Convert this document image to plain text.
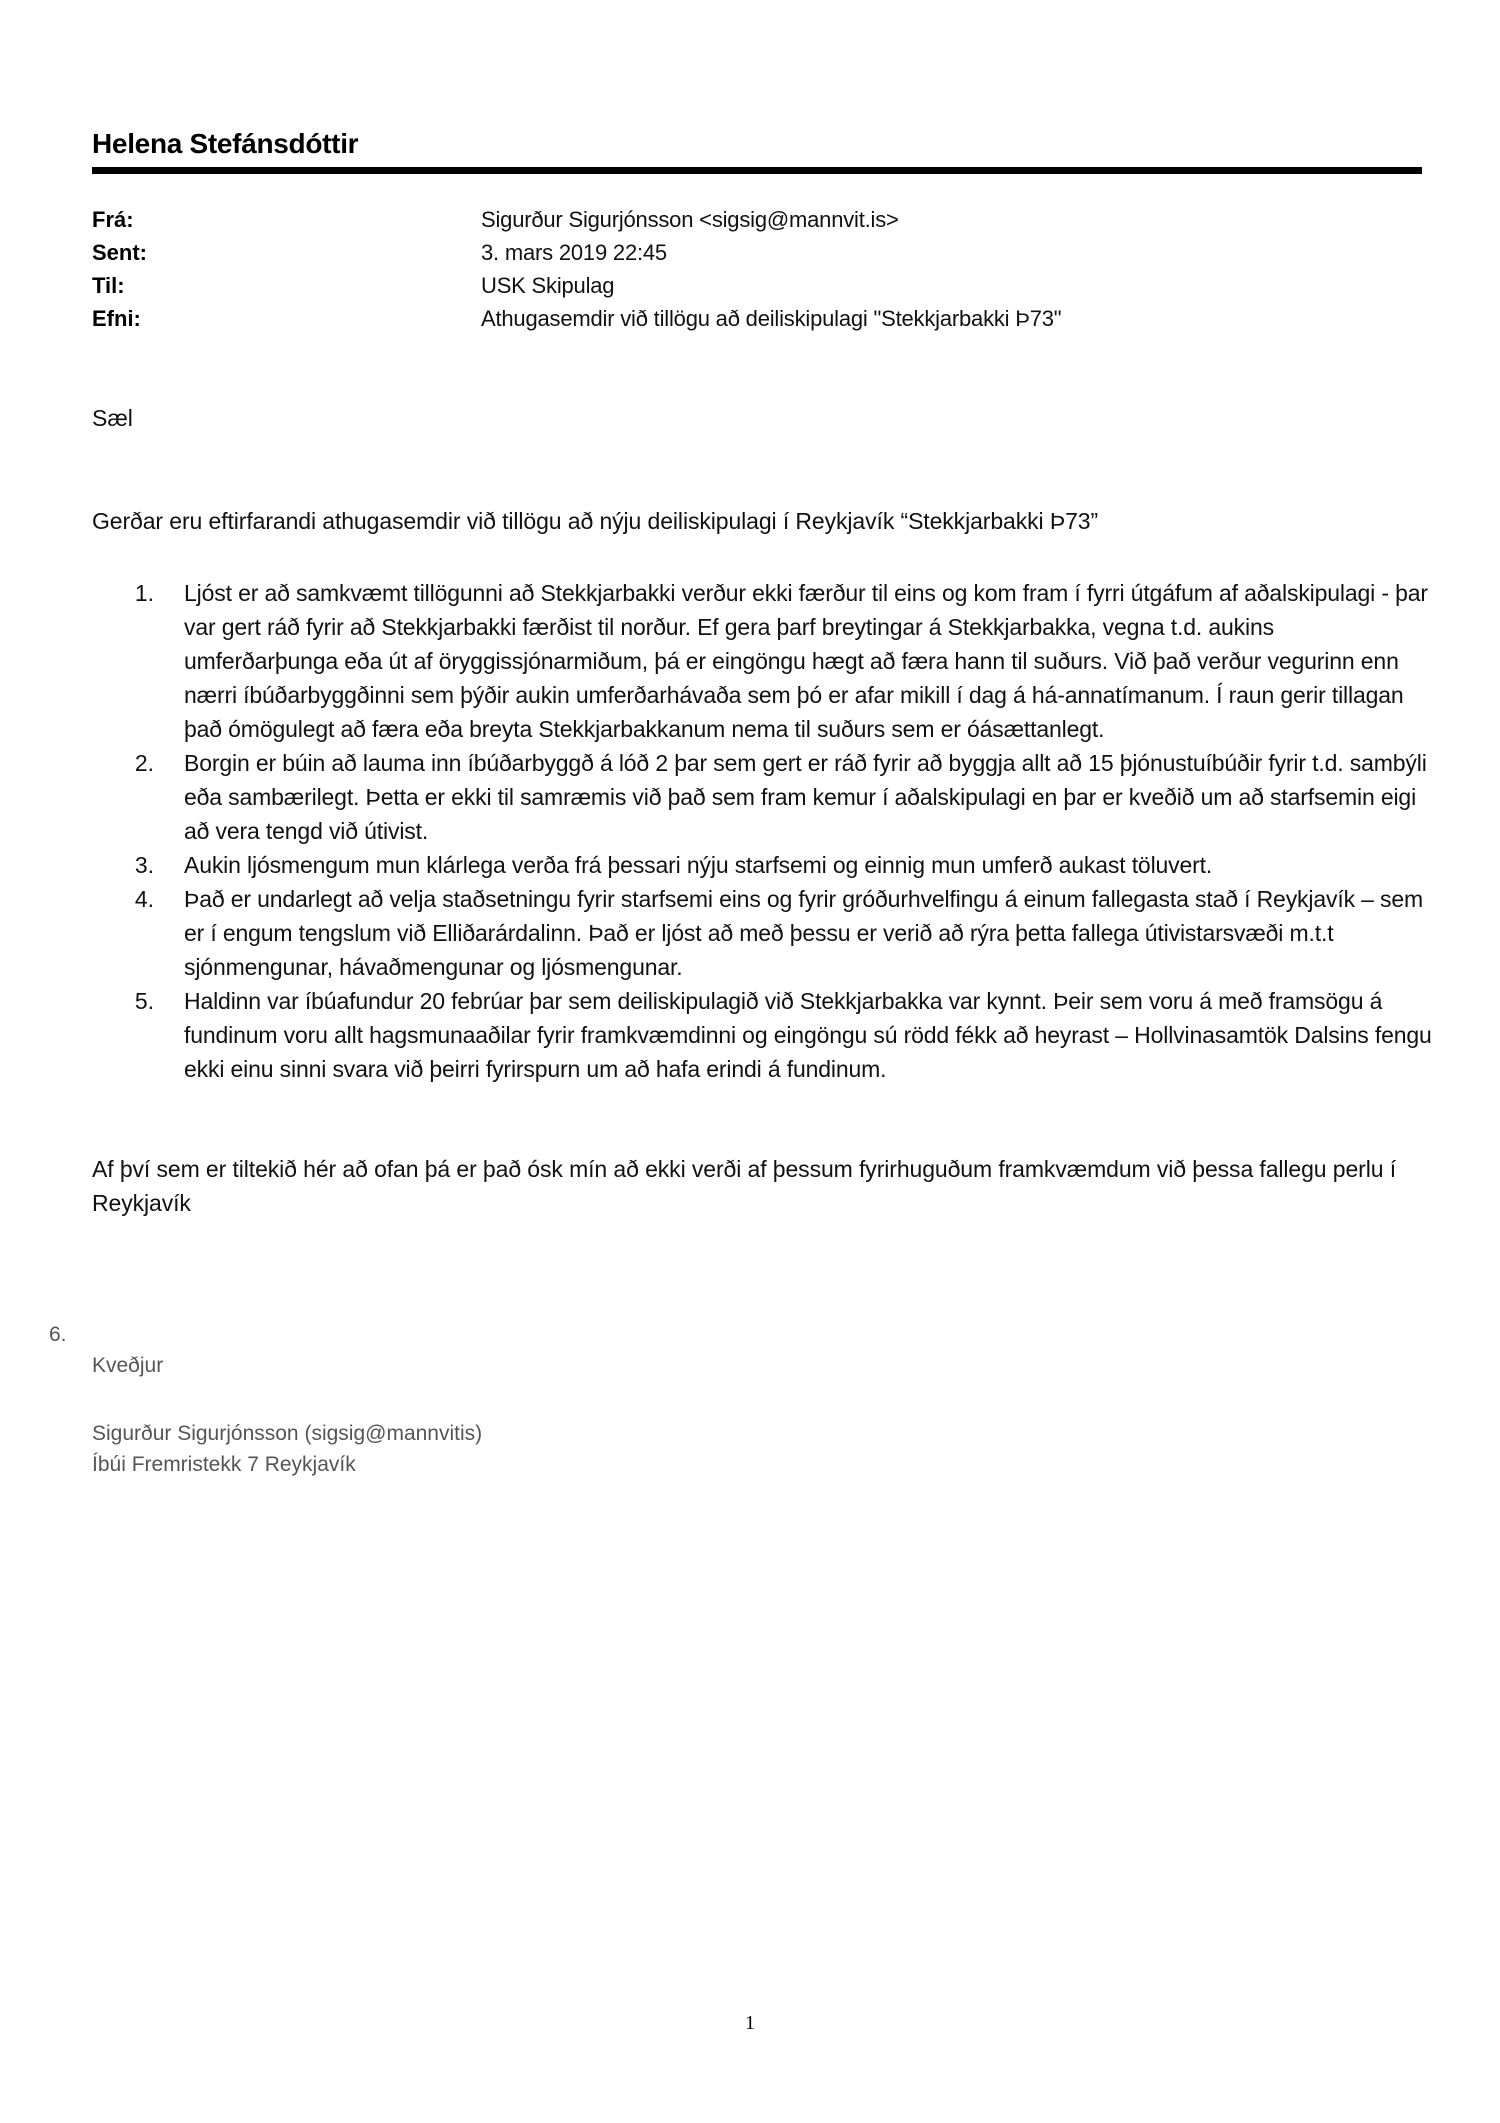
Helena Stefánsdóttir
Frá:	Sigurður Sigurjónsson <sigsig@mannvit.is>
Sent:	3. mars 2019 22:45
Til:	USK Skipulag
Efni:	Athugasemdir við tillögu að deiliskipulagi "Stekkjarbakki Þ73"
Sæl
Gerðar eru eftirfarandi athugasemdir við tillögu að nýju deiliskipulagi í Reykjavík “Stekkjarbakki Þ73”
1.	Ljóst er að samkvæmt tillögunni að Stekkjarbakki verður ekki færður til eins og kom fram í fyrri útgáfum af aðalskipulagi - þar var gert ráð fyrir að Stekkjarbakki færðist til norður. Ef gera þarf breytingar á Stekkjarbakka, vegna t.d. aukins umferðarþunga eða út af öryggissjónarmiðum, þá er eingöngu hægt að færa hann til suðurs. Við það verður vegurinn enn nærri íbúðarbyggðinni sem þýðir aukin umferðarhávaða sem þó er afar mikill í dag á há-annatímanum. Í raun gerir tillagan það ómögulegt að færa eða breyta Stekkjarbakkanum nema til suðurs sem er óásættanlegt.
2.	Borgin er búin að lauma inn íbúðarbyggð á lóð 2 þar sem gert er ráð fyrir að byggja allt að 15 þjónustuíbúðir fyrir t.d. sambýli eða sambærilegt. Þetta er ekki til samræmis við það sem fram kemur í aðalskipulagi en þar er kveðið um að starfsemin eigi að vera tengd við útivist.
3.	Aukin ljósmengum mun klárlega verða frá þessari nýju starfsemi og einnig mun umferð aukast töluvert.
4.	Það er undarlegt að velja staðsetningu fyrir starfsemi eins og fyrir gróðurhvelfingu á einum fallegasta stað í Reykjavík – sem er í engum tengslum við Elliðarárdalinn. Það er ljóst að með þessu er verið að rýra þetta fallega útivistarsvæði m.t.t sjónmengunar, hávaðmengunar og ljósmengunar.
5.	Haldinn var íbúafundur 20 febrúar þar sem deiliskipulagið við Stekkjarbakka var kynnt. Þeir sem voru á með framsögu á fundinum voru allt hagsmunaaðilar fyrir framkvæmdinni og eingöngu sú rödd fékk að heyrast – Hollvinasamtök Dalsins fengu ekki einu sinni svara við þeirri fyrirspurn um að hafa erindi á fundinum.
Af því sem er tiltekið hér að ofan þá er það ósk mín að ekki verði af þessum fyrirhuguðum framkvæmdum við þessa fallegu perlu í Reykjavík
6.
Kveðjur
Sigurður Sigurjónsson (sigsig@mannvitis)
Íbúi Fremristekk 7 Reykjavík
1
